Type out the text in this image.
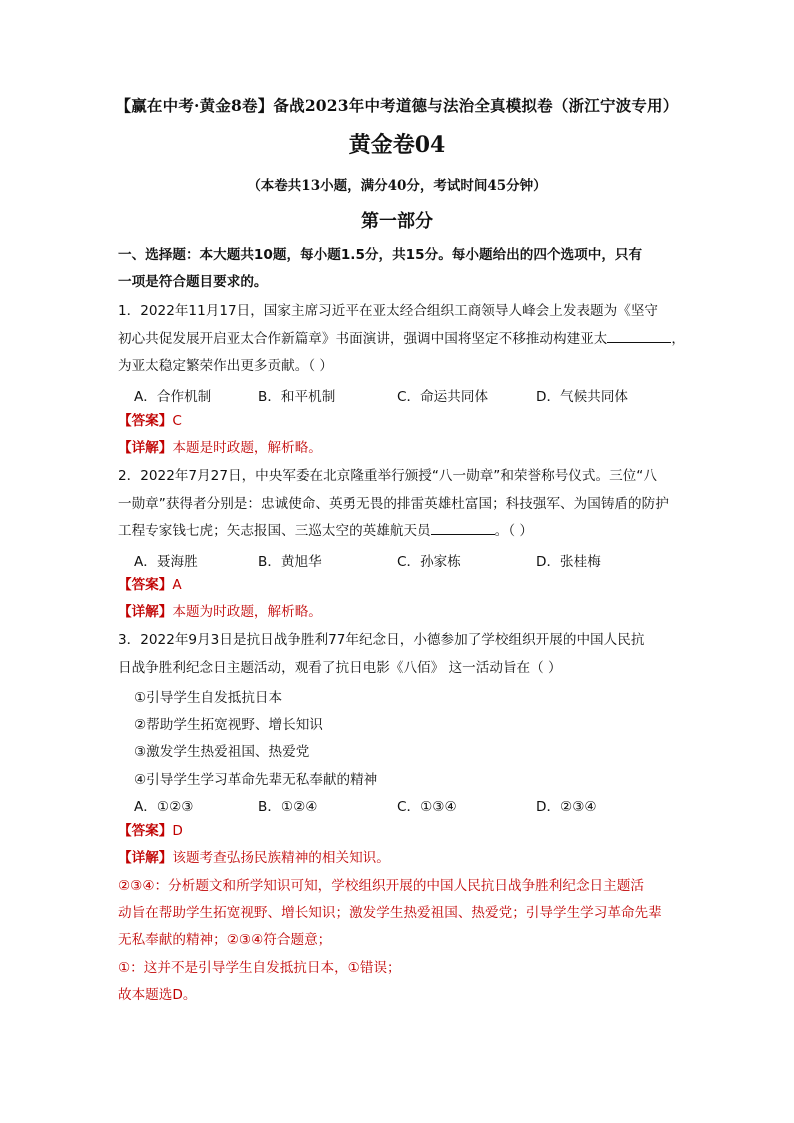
【赢在中考·黄金8卷】备战2023年中考道德与法治全真模拟卷（浙江宁波专用）
黄金卷04
（本卷共13小题，满分40分，考试时间45分钟）
第一部分
一、选择题：本大题共10题，每小题1.5分，共15分。每小题给出的四个选项中，只有
一项是符合题目要求的。
1．2022年11月17日，国家主席习近平在亚太经合组织工商领导人峰会上发表题为《坚守
初心共促发展开启亚太合作新篇章》书面演讲，强调中国将坚定不移推动构建亚太	，
为亚太稳定繁荣作出更多贡献。（ ）
A．合作机制	B．和平机制	C．命运共同体	D．气候共同体
【答案】C
【详解】本题是时政题，解析略。
2．2022年7月27日，中央军委在北京隆重举行颁授“八一勋章”和荣誉称号仪式。三位“八
一勋章”获得者分别是：忠诚使命、英勇无畏的排雷英雄杜富国；科技强军、为国铸盾的防护
工程专家钱七虎；矢志报国、三巡太空的英雄航天员	。（ ）
A．聂海胜	B．黄旭华	C．孙家栋	D．张桂梅
【答案】A
【详解】本题为时政题，解析略。
3．2022年9月3日是抗日战争胜利77年纪念日，小德参加了学校组织开展的中国人民抗
日战争胜利纪念日主题活动，观看了抗日电影《八佰》 这一活动旨在（ ）
①引导学生自发抵抗日本
②帮助学生拓宽视野、增长知识
③激发学生热爱祖国、热爱党
④引导学生学习革命先辈无私奉献的精神
A．①②③	B．①②④	C．①③④	D．②③④
【答案】D
【详解】该题考查弘扬民族精神的相关知识。
②③④：分析题文和所学知识可知，学校组织开展的中国人民抗日战争胜利纪念日主题活
动旨在帮助学生拓宽视野、增长知识；激发学生热爱祖国、热爱党；引导学生学习革命先辈
无私奉献的精神；②③④符合题意；
①：这并不是引导学生自发抵抗日本，①错误；
故本题选D。
